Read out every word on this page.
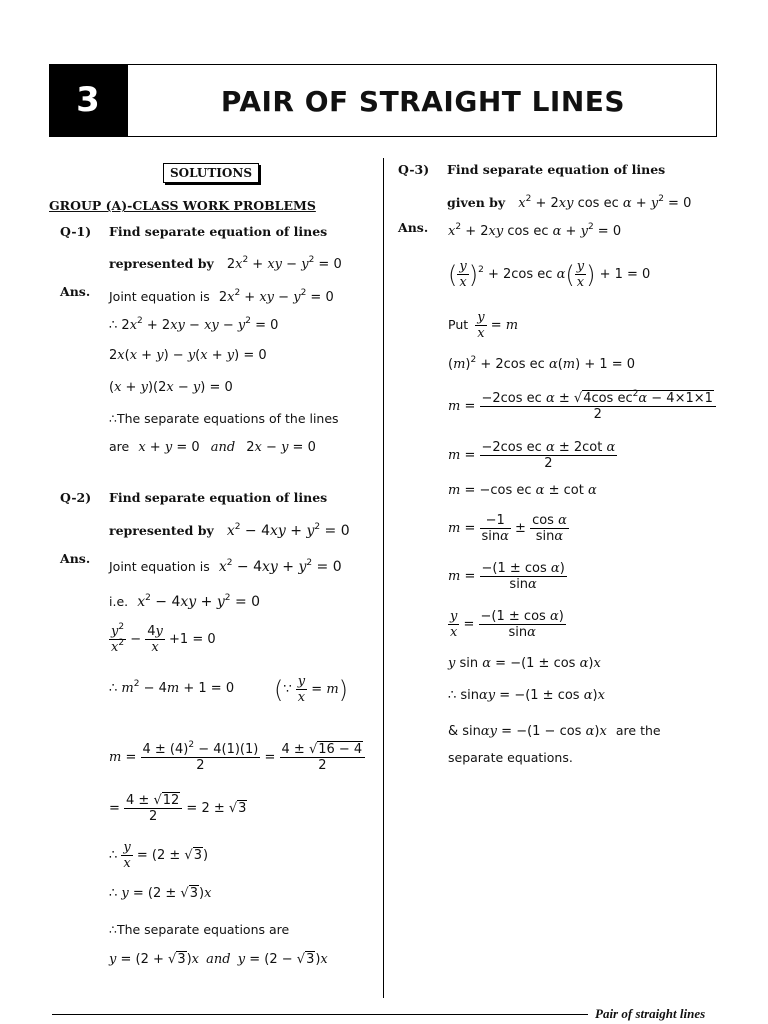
3	PAIR OF STRAIGHT LINES
SOLUTIONS
GROUP (A)-CLASS WORK PROBLEMS
Q-1) Find separate equation of lines
represented by $2x^2$ + xy − $y^2 = 0$
Ans. Joint equation is $2x^2$ + xy − $y^2 = 0$
∴ $2x^2 + 2xy$ − xy − $y^2 = 0$
2x(x + y) − y(x + y) = 0
(x + y)(2x − y) = 0
∴The separate equations of the lines
are x + y = 0 and 2x − y = 0
Q-2) Find separate equation of lines
represented by $x^2 - 4xy + y^2 = 0$
Ans.
Joint equation is $x^2 - 4xy + y^2 = 0$
i.e. $x^2 - 4xy + y^2 = 0$
$\frac{y^2}{x^2} - \frac{4y}{x} +1 = 0$
∴ $m^2 - 4m + 1 = 0$ (∵ $\frac{y}{x} = m$)
$m = \frac{4 \pm (4)^2 - 4(1)(1)}{2} = \frac{4 \pm √16 - 4}{2}$
= $\frac{4 \pm √12}{2} = 2 \pm √3$
∴ $\frac{y}{x} = (2 \pm √3)$
∴ y = (2 ± √3)x
∴The separate equations are
y = (2 + √3)x and y = (2 − √3)x
Q-3) Find separate equation of lines
given by $x^2 + 2xy$ cos ec $\alpha + y^2 = 0$
Ans. $x^2 + 2xy$ cos ec $\alpha + y^2 = 0$
( $\frac{y}{x} )^2 + 2\cos$ ec $\alpha( \frac{y}{x}$ ) + 1 = 0
Put $\frac{y}{x} = m$
$(m)^2 + 2\cos$ ec α(m) + 1 = 0
$m = \frac{-2\cos ec \alpha \pm √4\cos ec^2\alpha - 4\times 1\times 1}{2}$
$m = \frac{\text{−2cos ec α ± 2cot α}}{2}$
m = −cos ec α ± cot α
$m = \frac{-1}{\sin\alpha} \pm \frac{\text{cos α}}{\sin\alpha}$
$m = \frac{\text{−(1 ± cos α)}}{\sin\alpha}$
$\frac{y}{x} = \frac{\text{−(1 ± cos α)}}{\sin\alpha}$
y sin α = −(1 ± cos α)x
∴ sinαy = −(1 ± cos α)x
& sinαy = −(1 − cos α)x are the
separate equations.
Pair of straight lines
